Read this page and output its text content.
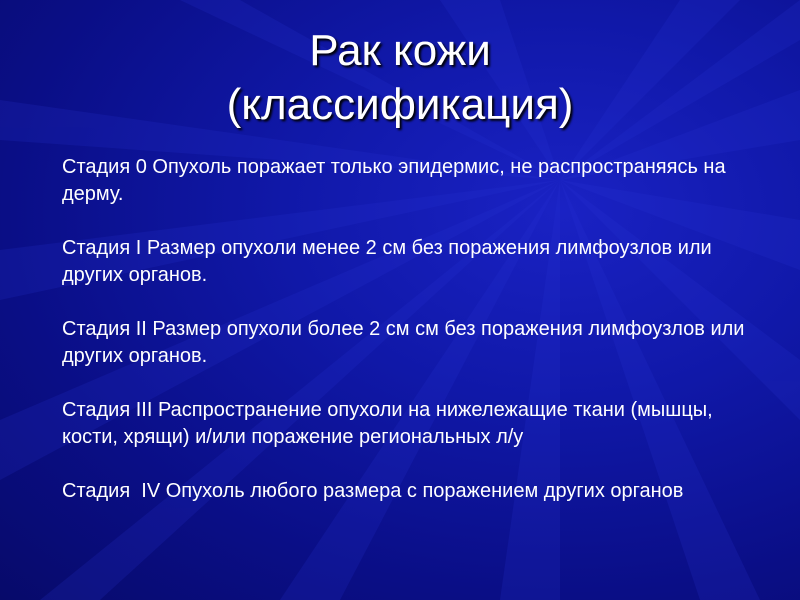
Рак кожи
(классификация)
Стадия 0 Опухоль поражает только эпидермис, не распространяясь на дерму.
Стадия I Размер опухоли менее 2 см без поражения лимфоузлов или других органов.
Стадия II Размер опухоли более 2 см см без поражения лимфоузлов или других органов.
Стадия III Распространение опухоли на нижележащие ткани (мышцы, кости, хрящи) и/или поражение региональных л/у
Стадия  IV Опухоль любого размера с поражением других органов
